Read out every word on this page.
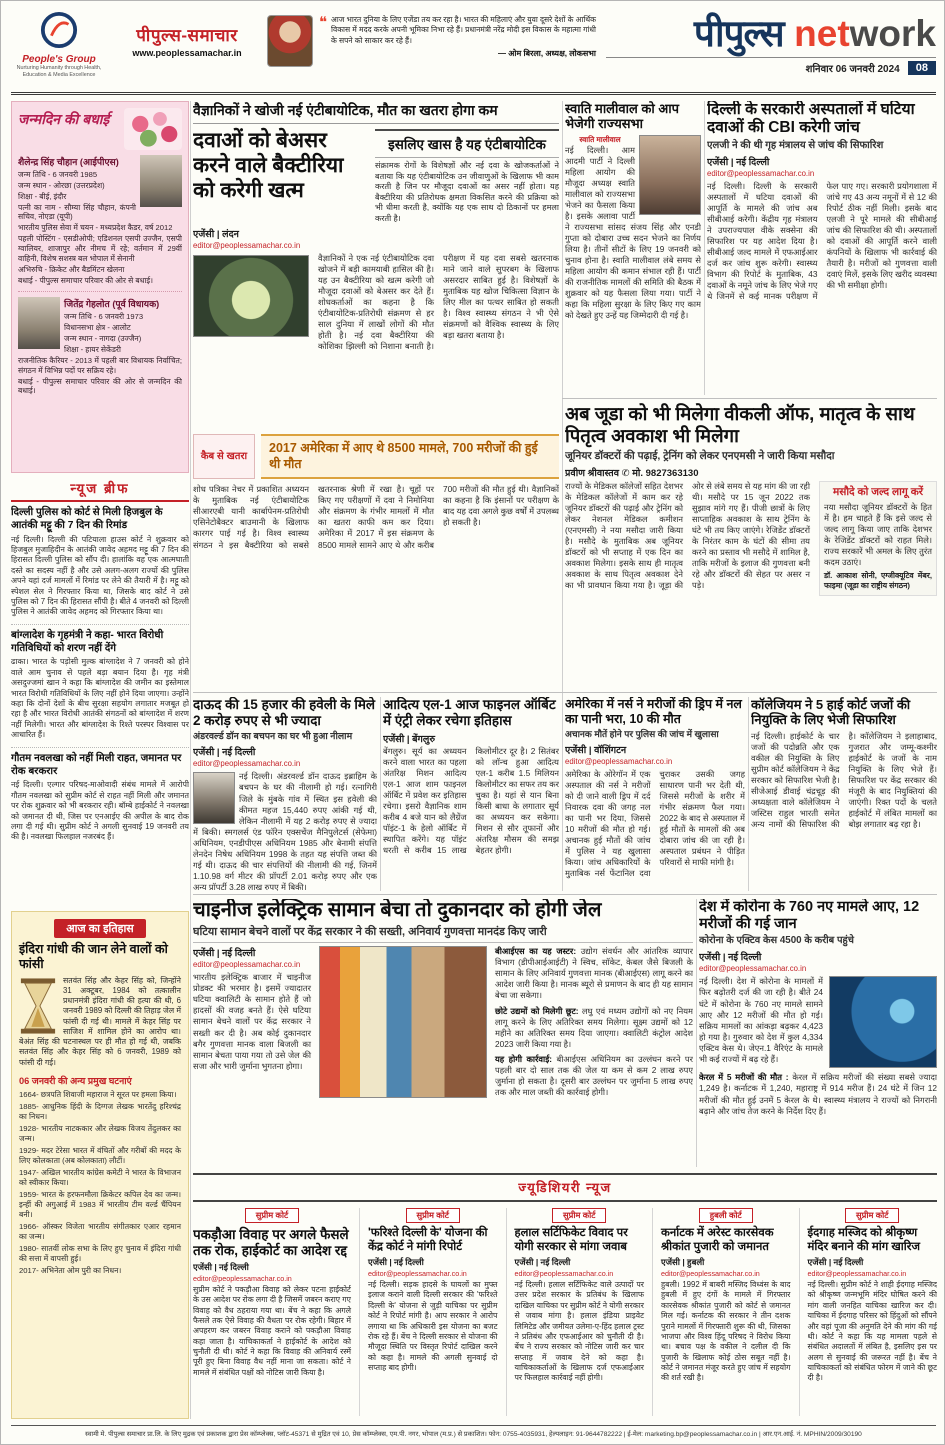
People's Group
Nurturing Humanity through Health, Education & Media Excellence
पीपुल्स-समाचार
www.peoplessamachar.in
❝ आज भारत दुनिया के लिए एजेंडा तय कर रहा है। भारत की महिलाएं और युवा दूसरे देशों के आर्थिक विकास में मदद करके अपनी भूमिका निभा रहे हैं। प्रधानमंत्री नरेंद्र मोदी इस विकास के महात्मा गांधी के सपने को साकार कर रहे हैं।
— ओम बिरला, अध्यक्ष, लोकसभा	पीपुल्स network
शनिवार 06 जनवरी 2024	08
जन्मदिन की बधाई
शैलेन्द्र सिंह चौहान (आईपीएस)
जन्म तिथि - 6 जनवरी 1985
जन्म स्थान - ओरछा (उत्तरप्रदेश)
शिक्षा - बीई, इंदौर
पत्नी का नाम - सौम्या सिंह चौहान, कंपनी सचिव, नोएडा (यूपी)
भारतीय पुलिस सेवा में चयन - मध्यप्रदेश कैडर, वर्ष 2012
पहली पोस्टिंग - एसडीओपी; एडिशनल एसपी उज्जैन, एसपी ग्वालियर, शाजापुर और नीमच में रहे; वर्तमान में 29वीं वाहिनी, विशेष सशस्त्र बल भोपाल में सेनानी
अभिरुचि - क्रिकेट और बैडमिंटन खेलना
बधाई - पीपुल्स समाचार परिवार की ओर से बधाई।
जितेंद्र गेहलोत (पूर्व विधायक)
जन्म तिथि - 6 जनवरी 1973
विधानसभा क्षेत्र - आलोट
जन्म स्थान - नागदा (उज्जैन)
शिक्षा - हायर सेकेंडरी
राजनीतिक कैरियर - 2013 में पहली बार विधायक निर्वाचित; संगठन में विभिन्न पदों पर सक्रिय रहे।
बधाई - पीपुल्स समाचार परिवार की ओर से जन्मदिन की बधाई।
न्यूज ब्रीफ
दिल्ली पुलिस को कोर्ट से मिली हिजबुल के आतंकी मट्टू की 7 दिन की रिमांड
नई दिल्ली। दिल्ली की पटियाला हाउस कोर्ट ने शुक्रवार को हिजबुल मुजाहिदीन के आतंकी जावेद अहमद मट्टू की 7 दिन की हिरासत दिल्ली पुलिस को सौंप दी। हालांकि वह एक आत्मघाती दस्ते का सदस्य नहीं है और उसे अलग-अलग राज्यों की पुलिस अपने यहां दर्ज मामलों में रिमांड पर लेने की तैयारी में है। मट्टू को स्पेशल सेल ने गिरफ्तार किया था, जिसके बाद कोर्ट ने उसे पुलिस को 7 दिन की हिरासत सौंपी है। बीते 4 जनवरी को दिल्ली पुलिस ने आतंकी जावेद अहमद को गिरफ्तार किया था।
बांग्लादेश के गृहमंत्री ने कहा- भारत विरोधी गतिविधियों को शरण नहीं देंगे
ढाका। भारत के पड़ोसी मुल्क बांग्लादेश ने 7 जनवरी को होने वाले आम चुनाव से पहले बड़ा बयान दिया है। गृह मंत्री असदुज्जमां खान ने कहा कि बांग्लादेश की जमीन का इस्तेमाल भारत विरोधी गतिविधियों के लिए नहीं होने दिया जाएगा। उन्होंने कहा कि दोनों देशों के बीच सुरक्षा सहयोग लगातार मजबूत हो रहा है और भारत विरोधी आतंकी संगठनों को बांग्लादेश में शरण नहीं मिलेगी। भारत और बांग्लादेश के रिश्ते परस्पर विश्वास पर आधारित हैं।
गौतम नवलखा को नहीं मिली राहत, जमानत पर रोक बरकरार
नई दिल्ली। एल्गार परिषद-माओवादी संबंध मामले में आरोपी गौतम नवलखा को सुप्रीम कोर्ट से राहत नहीं मिली और जमानत पर रोक शुक्रवार को भी बरकरार रही। बॉम्बे हाईकोर्ट ने नवलखा को जमानत दी थी, जिस पर एनआईए की अपील के बाद रोक लगा दी गई थी। सुप्रीम कोर्ट ने अगली सुनवाई 19 जनवरी तय की है। नवलखा फिलहाल नजरबंद हैं।
आज का इतिहास
इंदिरा गांधी की जान लेने वालों को फांसी
सतवंत सिंह और केहर सिंह को, जिन्होंने 31 अक्टूबर, 1984 को तत्कालीन प्रधानमंत्री इंदिरा गांधी की हत्या की थी, 6 जनवरी 1989 को दिल्ली की तिहाड़ जेल में फांसी दी गई थी। मामले में केहर सिंह पर साजिश में शामिल होने का आरोप था। बेअंत सिंह की घटनास्थल पर ही मौत हो गई थी, जबकि सतवंत सिंह और केहर सिंह को 6 जनवरी, 1989 को फांसी दी गई।
06 जनवरी की अन्य प्रमुख घटनाएं
1664- छत्रपति शिवाजी महाराज ने सूरत पर हमला किया।
1885- आधुनिक हिंदी के दिग्गज लेखक भारतेंदु हरिश्चंद्र का निधन।
1928- भारतीय नाटककार और लेखक विजय तेंदुलकर का जन्म।
1929- मदर टेरेसा भारत में वंचितों और गरीबों की मदद के लिए कोलकाता (अब कोलकाता) लौटीं।
1947- अखिल भारतीय कांग्रेस कमेटी ने भारत के विभाजन को स्वीकार किया।
1959- भारत के हरफनमौला क्रिकेटर कपिल देव का जन्म। इन्हीं की अगुआई में 1983 में भारतीय टीम वर्ल्ड चैंपियन बनी।
1966- ऑस्कर विजेता भारतीय संगीतकार एआर रहमान का जन्म।
1980- सातवीं लोक सभा के लिए हुए चुनाव में इंदिरा गांधी की सत्ता में वापसी हुई।
2017- अभिनेता ओम पुरी का निधन।
वैज्ञानिकों ने खोजी नई एंटीबायोटिक, मौत का खतरा होगा कम
दवाओं को बेअसर करने वाले बैक्टीरिया को करेगी खत्म
इसलिए खास है यह एंटीबायोटिक
संक्रामक रोगों के विशेषज्ञों और नई दवा के खोजकर्ताओं ने बताया कि यह एंटीबायोटिक उन जीवाणुओं के खिलाफ भी काम करती है जिन पर मौजूदा दवाओं का असर नहीं होता। यह बैक्टीरिया की प्रतिरोधक क्षमता विकसित करने की प्रक्रिया को भी धीमा करती है, क्योंकि यह एक साथ दो ठिकानों पर हमला करती है।
एजेंसी | लंदन
editor@peoplessamachar.co.in
वैज्ञानिकों ने एक नई एंटीबायोटिक दवा खोजने में बड़ी कामयाबी हासिल की है। यह उन बैक्टीरिया को खत्म करेगी जो मौजूदा दवाओं को बेअसर कर देते हैं। शोधकर्ताओं का कहना है कि एंटीबायोटिक-प्रतिरोधी संक्रमण से हर साल दुनिया में लाखों लोगों की मौत होती है। नई दवा बैक्टीरिया की कोशिका झिल्ली को निशाना बनाती है। परीक्षण में यह दवा सबसे खतरनाक माने जाने वाले सुपरबग के खिलाफ असरदार साबित हुई है। विशेषज्ञों के मुताबिक यह खोज चिकित्सा विज्ञान के लिए मील का पत्थर साबित हो सकती है। विश्व स्वास्थ्य संगठन ने भी ऐसे संक्रमणों को वैश्विक स्वास्थ्य के लिए बड़ा खतरा बताया है।
कैब से खतरा
2017 अमेरिका में आए थे 8500 मामले, 700 मरीजों की हुई थी मौत
शोध पत्रिका नेचर में प्रकाशित अध्ययन के मुताबिक नई एंटीबायोटिक सीआरएबी यानी कार्बापेनम-प्रतिरोधी एसिनेटोबैक्टर बाउमानी के खिलाफ कारगर पाई गई है। विश्व स्वास्थ्य संगठन ने इस बैक्टीरिया को सबसे खतरनाक श्रेणी में रखा है। चूहों पर किए गए परीक्षणों में दवा ने निमोनिया और संक्रमण के गंभीर मामलों में मौत का खतरा काफी कम कर दिया। अमेरिका में 2017 में इस संक्रमण के 8500 मामले सामने आए थे और करीब 700 मरीजों की मौत हुई थी। वैज्ञानिकों का कहना है कि इंसानों पर परीक्षण के बाद यह दवा अगले कुछ वर्षों में उपलब्ध हो सकती है।
स्वाति मालीवाल को आप भेजेगी राज्यसभा
स्वाति मालीवाल
नई दिल्ली। आम आदमी पार्टी ने दिल्ली महिला आयोग की मौजूदा अध्यक्ष स्वाति मालीवाल को राज्यसभा भेजने का फैसला किया है। इसके अलावा पार्टी ने राज्यसभा सांसद संजय सिंह और एनडी गुप्ता को दोबारा उच्च सदन भेजने का निर्णय लिया है। तीनों सीटों के लिए 19 जनवरी को चुनाव होना है। स्वाति मालीवाल लंबे समय से महिला आयोग की कमान संभाल रही हैं। पार्टी की राजनीतिक मामलों की समिति की बैठक में शुक्रवार को यह फैसला लिया गया। पार्टी ने कहा कि महिला सुरक्षा के लिए किए गए काम को देखते हुए उन्हें यह जिम्मेदारी दी गई है।
दिल्ली के सरकारी अस्पतालों में घटिया दवाओं की CBI करेगी जांच
एलजी ने की थी गृह मंत्रालय से जांच की सिफारिश
एजेंसी | नई दिल्ली
editor@peoplessamachar.co.in
नई दिल्ली। दिल्ली के सरकारी अस्पतालों में घटिया दवाओं की आपूर्ति के मामले की जांच अब सीबीआई करेगी। केंद्रीय गृह मंत्रालय ने उपराज्यपाल वीके सक्सेना की सिफारिश पर यह आदेश दिया है। सीबीआई जल्द मामले में एफआईआर दर्ज कर जांच शुरू करेगी। स्वास्थ्य विभाग की रिपोर्ट के मुताबिक, 43 दवाओं के नमूने जांच के लिए भेजे गए थे जिनमें से कई मानक परीक्षण में फेल पाए गए। सरकारी प्रयोगशाला में जांचे गए 43 अन्य नमूनों में से 12 की रिपोर्ट ठीक नहीं मिली। इसके बाद एलजी ने पूरे मामले की सीबीआई जांच की सिफारिश की थी। अस्पतालों को दवाओं की आपूर्ति करने वाली कंपनियों के खिलाफ भी कार्रवाई की तैयारी है। मरीजों को गुणवत्ता वाली दवाएं मिलें, इसके लिए खरीद व्यवस्था की भी समीक्षा होगी।
अब जूडा को भी मिलेगा वीकली ऑफ, मातृत्व के साथ पितृत्व अवकाश भी मिलेगा
जूनियर डॉक्टरों की पढ़ाई, ट्रेनिंग को लेकर एनएमसी ने जारी किया मसौदा
प्रवीण श्रीवास्तव ✆ मो. 9827363130
राज्यों के मेडिकल कॉलेजों सहित देशभर के मेडिकल कॉलेजों में काम कर रहे जूनियर डॉक्टरों की पढ़ाई और ट्रेनिंग को लेकर नेशनल मेडिकल कमीशन (एनएमसी) ने नया मसौदा जारी किया है। मसौदे के मुताबिक अब जूनियर डॉक्टरों को भी सप्ताह में एक दिन का अवकाश मिलेगा। इसके साथ ही मातृत्व अवकाश के साथ पितृत्व अवकाश देने का भी प्रावधान किया गया है। जूड़ा की ओर से लंबे समय से यह मांग की जा रही थी। मसौदे पर 15 जून 2022 तक सुझाव मांगे गए हैं। पीजी छात्रों के लिए साप्ताहिक अवकाश के साथ ट्रेनिंग के घंटे भी तय किए जाएंगे। रेजिडेंट डॉक्टरों के निरंतर काम के घंटों की सीमा तय करने का प्रस्ताव भी मसौदे में शामिल है, ताकि मरीजों के इलाज की गुणवत्ता बनी रहे और डॉक्टरों की सेहत पर असर न पड़े।
मसौदे को जल्द लागू करें
नया मसौदा जूनियर डॉक्टरों के हित में है। हम चाहते हैं कि इसे जल्द से जल्द लागू किया जाए ताकि देशभर के रेजिडेंट डॉक्टरों को राहत मिले। राज्य सरकारें भी अमल के लिए तुरंत कदम उठाएं।
डॉ. आकाश सोनी, एग्जीक्यूटिव मेंबर, फाइमा (जूडा का राष्ट्रीय संगठन)
दाऊद की 15 हजार की हवेली के मिले 2 करोड़ रुपए से भी ज्यादा
अंडरवर्ल्ड डॉन का बचपन का घर भी हुआ नीलाम
एजेंसी | नई दिल्ली
editor@peoplessamachar.co.in
नई दिल्ली। अंडरवर्ल्ड डॉन दाऊद इब्राहिम के बचपन के घर की नीलामी हो गई। रत्नागिरी जिले के मुंबके गांव में स्थित इस हवेली की कीमत महज 15,440 रुपए आंकी गई थी, लेकिन नीलामी में यह 2 करोड़ रुपए से ज्यादा में बिकी। स्मगलर्स एंड फॉरेन एक्सचेंज मैनिपुलेटर्स (सेफेमा) अधिनियम, एनडीपीएस अधिनियम 1985 और बेनामी संपत्ति लेनदेन निषेध अधिनियम 1998 के तहत यह संपत्ति जब्त की गई थी। दाऊद की चार संपत्तियों की नीलामी की गई, जिनमें 1.10.98 वर्ग मीटर की प्रॉपर्टी 2.01 करोड़ रुपए और एक अन्य प्रॉपर्टी 3.28 लाख रुपए में बिकी।
आदित्य एल-1 आज फाइनल ऑर्बिट में एंट्री लेकर रचेगा इतिहास
एजेंसी | बेंगलुरु
बेंगलुरु। सूर्य का अध्ययन करने वाला भारत का पहला अंतरिक्ष मिशन आदित्य एल-1 आज शाम फाइनल ऑर्बिट में प्रवेश कर इतिहास रचेगा। इसरो वैज्ञानिक शाम करीब 4 बजे यान को लैग्रेंज पॉइंट-1 के हेलो ऑर्बिट में स्थापित करेंगे। यह पॉइंट धरती से करीब 15 लाख किलोमीटर दूर है। 2 सितंबर को लॉन्च हुआ आदित्य एल-1 करीब 1.5 मिलियन किलोमीटर का सफर तय कर चुका है। यहां से यान बिना किसी बाधा के लगातार सूर्य का अध्ययन कर सकेगा। मिशन से सौर तूफानों और अंतरिक्ष मौसम की समझ बेहतर होगी।
अमेरिका में नर्स ने मरीजों की ड्रिप में नल का पानी भरा, 10 की मौत
अचानक मौतें होने पर पुलिस की जांच में खुलासा
एजेंसी | वॉशिंगटन
editor@peoplessamachar.co.in
अमेरिका के ओरेगॉन में एक अस्पताल की नर्स ने मरीजों को दी जाने वाली ड्रिप में दर्द निवारक दवा की जगह नल का पानी भर दिया, जिससे 10 मरीजों की मौत हो गई। अचानक हुई मौतों की जांच में पुलिस ने यह खुलासा किया। जांच अधिकारियों के मुताबिक नर्स फेंटानिल दवा चुराकर उसकी जगह साधारण पानी भर देती थी, जिससे मरीजों के शरीर में गंभीर संक्रमण फैल गया। 2022 के बाद से अस्पताल में हुई मौतों के मामलों की अब दोबारा जांच की जा रही है। अस्पताल प्रबंधन ने पीड़ित परिवारों से माफी मांगी है।
कॉलेजियम ने 5 हाई कोर्ट जजों की नियुक्ति के लिए भेजी सिफारिश
नई दिल्ली। हाईकोर्ट के चार जजों की पदोन्नति और एक वकील की नियुक्ति के लिए सुप्रीम कोर्ट कॉलेजियम ने केंद्र सरकार को सिफारिश भेजी है। सीजेआई डीवाई चंद्रचूड़ की अध्यक्षता वाले कॉलेजियम ने जस्टिस राहुल भारती समेत अन्य नामों की सिफारिश की है। कॉलेजियम ने इलाहाबाद, गुजरात और जम्मू-कश्मीर हाईकोर्ट के जजों के नाम नियुक्ति के लिए भेजे हैं। सिफारिश पर केंद्र सरकार की मंजूरी के बाद नियुक्तियां की जाएंगी। रिक्त पदों के चलते हाईकोर्ट में लंबित मामलों का बोझ लगातार बढ़ रहा है।
चाइनीज इलेक्ट्रिक सामान बेचा तो दुकानदार को होगी जेल
घटिया सामान बेचने वालों पर केंद्र सरकार ने की सख्ती, अनिवार्य गुणवत्ता मानदंड किए जारी
एजेंसी | नई दिल्ली
editor@peoplessamachar.co.in
भारतीय इलेक्ट्रिक बाजार में चाइनीज प्रोडक्ट की भरमार है। इसमें ज्यादातर घटिया क्वालिटी के सामान होते हैं जो हादसों की वजह बनते हैं। ऐसे घटिया सामान बेचने वालों पर केंद्र सरकार ने सख्ती कर दी है। अब कोई दुकानदार बगैर गुणवत्ता मानक वाला बिजली का सामान बेचता पाया गया तो उसे जेल की सजा और भारी जुर्माना भुगतना होगा।

बीआईएस का यह जस्टर: उद्योग संवर्धन और आंतरिक व्यापार विभाग (डीपीआईआईटी) ने स्विच, सॉकेट, केबल जैसे बिजली के सामान के लिए अनिवार्य गुणवत्ता मानक (बीआईएस) लागू करने का आदेश जारी किया है। मानक ब्यूरो से प्रमाणन के बाद ही यह सामान बेचा जा सकेगा।

छोटे उद्यमों को मिलेगी छूट: लघु एवं मध्यम उद्योगों को नए नियम लागू करने के लिए अतिरिक्त समय मिलेगा। सूक्ष्म उद्यमों को 12 महीने का अतिरिक्त समय दिया जाएगा। क्वालिटी कंट्रोल आदेश 2023 जारी किया गया है।

यह होगी कार्रवाई: बीआईएस अधिनियम का उल्लंघन करने पर पहली बार दो साल तक की जेल या कम से कम 2 लाख रुपए जुर्माना हो सकता है। दूसरी बार उल्लंघन पर जुर्माना 5 लाख रुपए तक और माल जब्ती की कार्रवाई होगी।

देश में कोरोना के 760 नए मामले आए, 12 मरीजों की गई जान
कोरोना के एक्टिव केस 4500 के करीब पहुंचे
एजेंसी | नई दिल्ली
editor@peoplessamachar.co.in
नई दिल्ली। देश में कोरोना के मामलों में फिर बढ़ोतरी दर्ज की जा रही है। बीते 24 घंटे में कोरोना के 760 नए मामले सामने आए और 12 मरीजों की मौत हो गई। सक्रिय मामलों का आंकड़ा बढ़कर 4,423 हो गया है। गुरुवार को देश में कुल 4,334 एक्टिव केस थे। जेएन.1 वैरिएंट के मामले भी कई राज्यों में बढ़ रहे हैं।

केरल में 5 मरीजों की मौत : केरल में सक्रिय मरीजों की संख्या सबसे ज्यादा 1,249 है। कर्नाटक में 1,240, महाराष्ट्र में 914 मरीज हैं। 24 घंटे में जिन 12 मरीजों की मौत हुई उनमें 5 केरल के थे। स्वास्थ्य मंत्रालय ने राज्यों को निगरानी बढ़ाने और जांच तेज करने के निर्देश दिए हैं।

ज्यूडिशियरी न्यूज
सुप्रीम कोर्ट
पकड़ौआ विवाह पर अगले फैसले तक रोक, हाईकोर्ट का आदेश रद्द
एजेंसी | नई दिल्ली
editor@peoplessamachar.co.in
सुप्रीम कोर्ट ने पकड़ौआ विवाह को लेकर पटना हाईकोर्ट के उस आदेश पर रोक लगा दी है जिसमें जबरन कराए गए विवाह को वैध ठहराया गया था। बेंच ने कहा कि अगले फैसले तक ऐसे विवाह की वैधता पर रोक रहेगी। बिहार में अपहरण कर जबरन विवाह कराने को पकड़ौआ विवाह कहा जाता है। याचिकाकर्ता ने हाईकोर्ट के आदेश को चुनौती दी थी। कोर्ट ने कहा कि विवाह की अनिवार्य रस्में पूरी हुए बिना विवाह वैध नहीं माना जा सकता। कोर्ट ने मामले में संबंधित पक्षों को नोटिस जारी किया है।
सुप्रीम कोर्ट
'फरिश्ते दिल्ली के' योजना की केंद्र कोर्ट ने मांगी रिपोर्ट
एजेंसी | नई दिल्ली
editor@peoplessamachar.co.in
नई दिल्ली। सड़क हादसे के घायलों का मुफ्त इलाज कराने वाली दिल्ली सरकार की 'फरिश्ते दिल्ली के' योजना से जुड़ी याचिका पर सुप्रीम कोर्ट ने रिपोर्ट मांगी है। आप सरकार ने आरोप लगाया था कि अधिकारी इस योजना का बजट रोक रहे हैं। बेंच ने दिल्ली सरकार से योजना की मौजूदा स्थिति पर विस्तृत रिपोर्ट दाखिल करने को कहा है। मामले की अगली सुनवाई दो सप्ताह बाद होगी।
सुप्रीम कोर्ट
हलाल सर्टिफिकेट विवाद पर योगी सरकार से मांगा जवाब
एजेंसी | नई दिल्ली
editor@peoplessamachar.co.in
नई दिल्ली। हलाल सर्टिफिकेट वाले उत्पादों पर उत्तर प्रदेश सरकार के प्रतिबंध के खिलाफ दाखिल याचिका पर सुप्रीम कोर्ट ने योगी सरकार से जवाब मांगा है। हलाल इंडिया प्राइवेट लिमिटेड और जमीयत उलेमा-ए-हिंद हलाल ट्रस्ट ने प्रतिबंध और एफआईआर को चुनौती दी है। बेंच ने राज्य सरकार को नोटिस जारी कर चार सप्ताह में जवाब देने को कहा है। याचिकाकर्ताओं के खिलाफ दर्ज एफआईआर पर फिलहाल कार्रवाई नहीं होगी।
हुबली कोर्ट
कर्नाटक में अरेस्ट कारसेवक श्रीकांत पुजारी को जमानत
एजेंसी | हुबली
editor@peoplessamachar.co.in
हुबली। 1992 में बाबरी मस्जिद विध्वंस के बाद हुबली में हुए दंगों के मामले में गिरफ्तार कारसेवक श्रीकांत पुजारी को कोर्ट से जमानत मिल गई। कर्नाटक की सरकार ने तीन दशक पुराने मामलों में गिरफ्तारी शुरू की थी, जिसका भाजपा और विश्व हिंदू परिषद ने विरोध किया था। बचाव पक्ष के वकील ने दलील दी कि पुजारी के खिलाफ कोई ठोस सबूत नहीं है। कोर्ट ने जमानत मंजूर करते हुए जांच में सहयोग की शर्त रखी है।
सुप्रीम कोर्ट
ईदगाह मस्जिद को श्रीकृष्ण मंदिर बनाने की मांग खारिज
एजेंसी | नई दिल्ली
editor@peoplessamachar.co.in
नई दिल्ली। सुप्रीम कोर्ट ने शाही ईदगाह मस्जिद को श्रीकृष्ण जन्मभूमि मंदिर घोषित करने की मांग वाली जनहित याचिका खारिज कर दी। याचिका में ईदगाह परिसर को हिंदुओं को सौंपने और वहां पूजा की अनुमति देने की मांग की गई थी। कोर्ट ने कहा कि यह मामला पहले से संबंधित अदालतों में लंबित है, इसलिए इस पर अलग से सुनवाई की जरूरत नहीं है। बेंच ने याचिकाकर्ता को संबंधित फोरम में जाने की छूट दी है।
स्वामी मे. पीपुल्स समाचार प्रा.लि. के लिए मुद्रक एवं प्रकाशक द्वारा प्रेस कॉम्प्लेक्स, प्लॉट-45371 से मुद्रित एवं 10, प्रेस कॉम्प्लेक्स, एम.पी. नगर, भोपाल (म.प्र.) से प्रकाशित। फोन: 0755-4035931, हेल्पलाइन: 91-9644782222 | ई-मेल: marketing.bp@peoplessamachar.co.in | आर.एन.आई. नं. MPHIN/2009/30190
